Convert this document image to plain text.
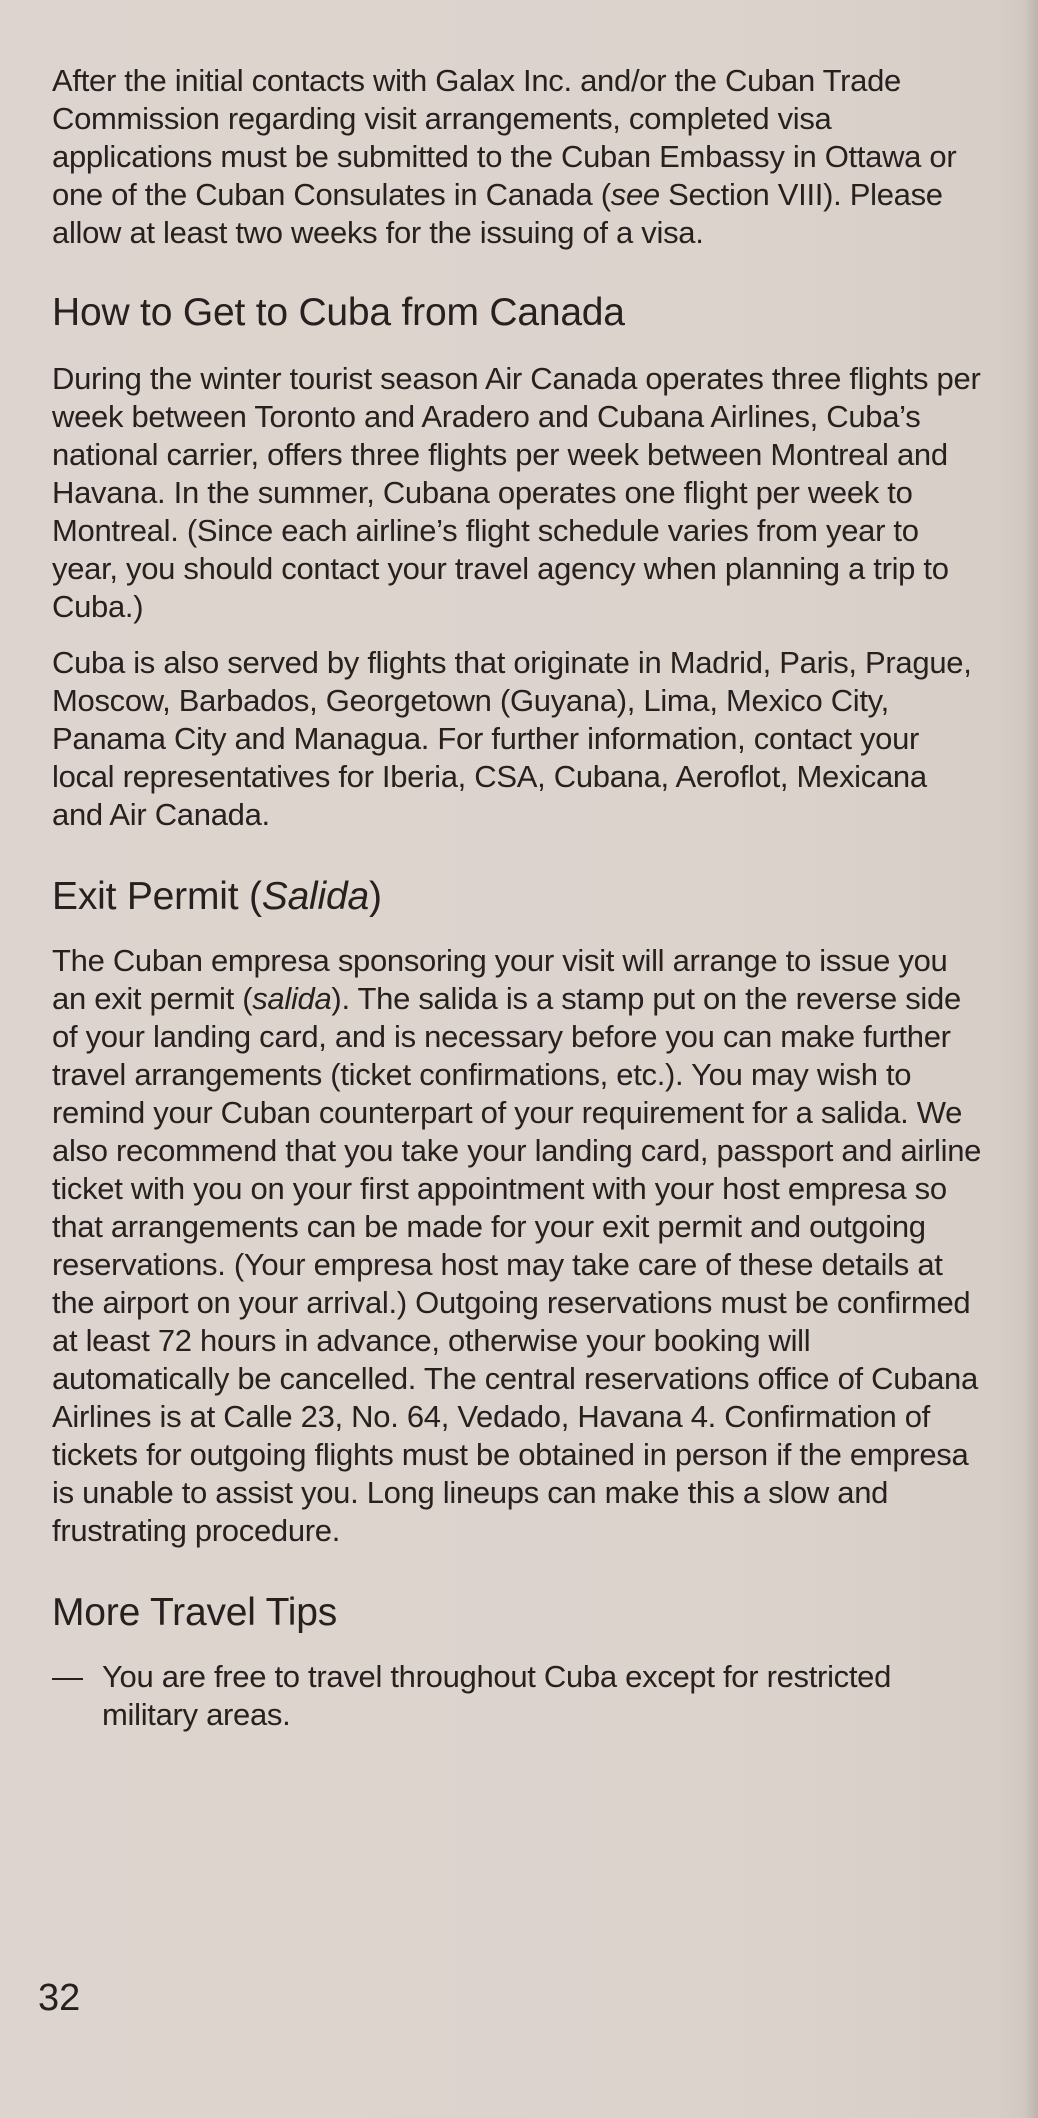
After the initial contacts with Galax Inc. and/or the Cuban Trade Commission regarding visit arrangements, completed visa applications must be submitted to the Cuban Embassy in Ottawa or one of the Cuban Consulates in Canada (see Section VIII). Please allow at least two weeks for the issuing of a visa.

How to Get to Cuba from Canada

During the winter tourist season Air Canada operates three flights per week between Toronto and Aradero and Cubana Airlines, Cuba’s national carrier, offers three flights per week between Montreal and Havana. In the summer, Cubana operates one flight per week to Montreal. (Since each airline’s flight schedule varies from year to year, you should contact your travel agency when planning a trip to Cuba.)

Cuba is also served by flights that originate in Madrid, Paris, Prague, Moscow, Barbados, Georgetown (Guyana), Lima, Mexico City, Panama City and Managua. For further information, contact your local representatives for Iberia, CSA, Cubana, Aeroflot, Mexicana and Air Canada.

Exit Permit (Salida)

The Cuban empresa sponsoring your visit will arrange to issue you an exit permit (salida). The salida is a stamp put on the reverse side of your landing card, and is necessary before you can make further travel arrangements (ticket confirmations, etc.). You may wish to remind your Cuban counterpart of your requirement for a salida. We also recommend that you take your landing card, passport and airline ticket with you on your first appointment with your host empresa so that arrangements can be made for your exit permit and outgoing reservations. (Your empresa host may take care of these details at the airport on your arrival.) Outgoing reservations must be confirmed at least 72 hours in advance, otherwise your booking will automatically be cancelled. The central reservations office of Cubana Airlines is at Calle 23, No. 64, Vedado, Havana 4. Confirmation of tickets for outgoing flights must be obtained in person if the empresa is unable to assist you. Long lineups can make this a slow and frustrating procedure.

More Travel Tips
— You are free to travel throughout Cuba except for restricted military areas.

32
